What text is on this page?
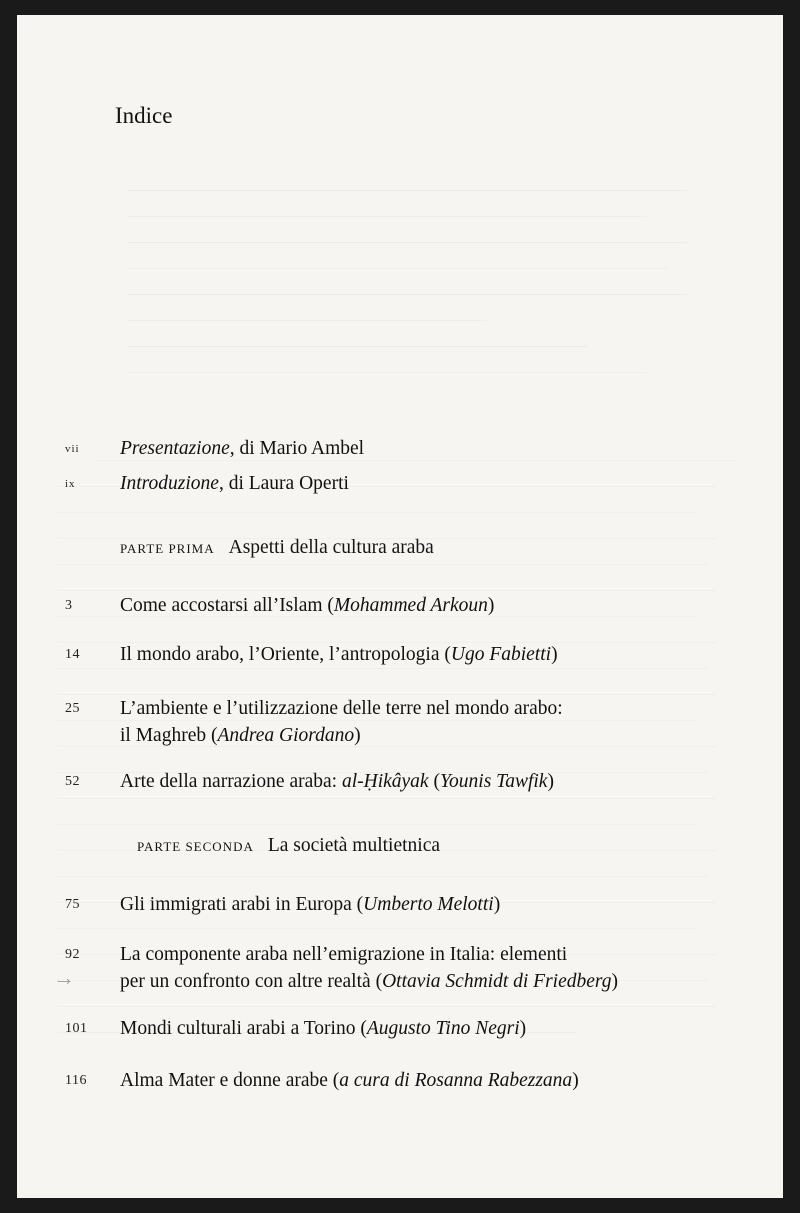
Indice
vii Presentazione, di Mario Ambel
ix Introduzione, di Laura Operti
PARTE PRIMA Aspetti della cultura araba
3 Come accostarsi all’Islam (Mohammed Arkoun)
14 Il mondo arabo, l’Oriente, l’antropologia (Ugo Fabietti)
25 L’ambiente e l’utilizzazione delle terre nel mondo arabo:
il Maghreb (Andrea Giordano)
52 Arte della narrazione araba: al-Ḥikâyak (Younis Tawfik)
PARTE SECONDA La società multietnica
75 Gli immigrati arabi in Europa (Umberto Melotti)
92 La componente araba nell’emigrazione in Italia: elementi
per un confronto con altre realtà (Ottavia Schmidt di Friedberg)
→
101 Mondi culturali arabi a Torino (Augusto Tino Negri)
116 Alma Mater e donne arabe (a cura di Rosanna Rabezzana)
